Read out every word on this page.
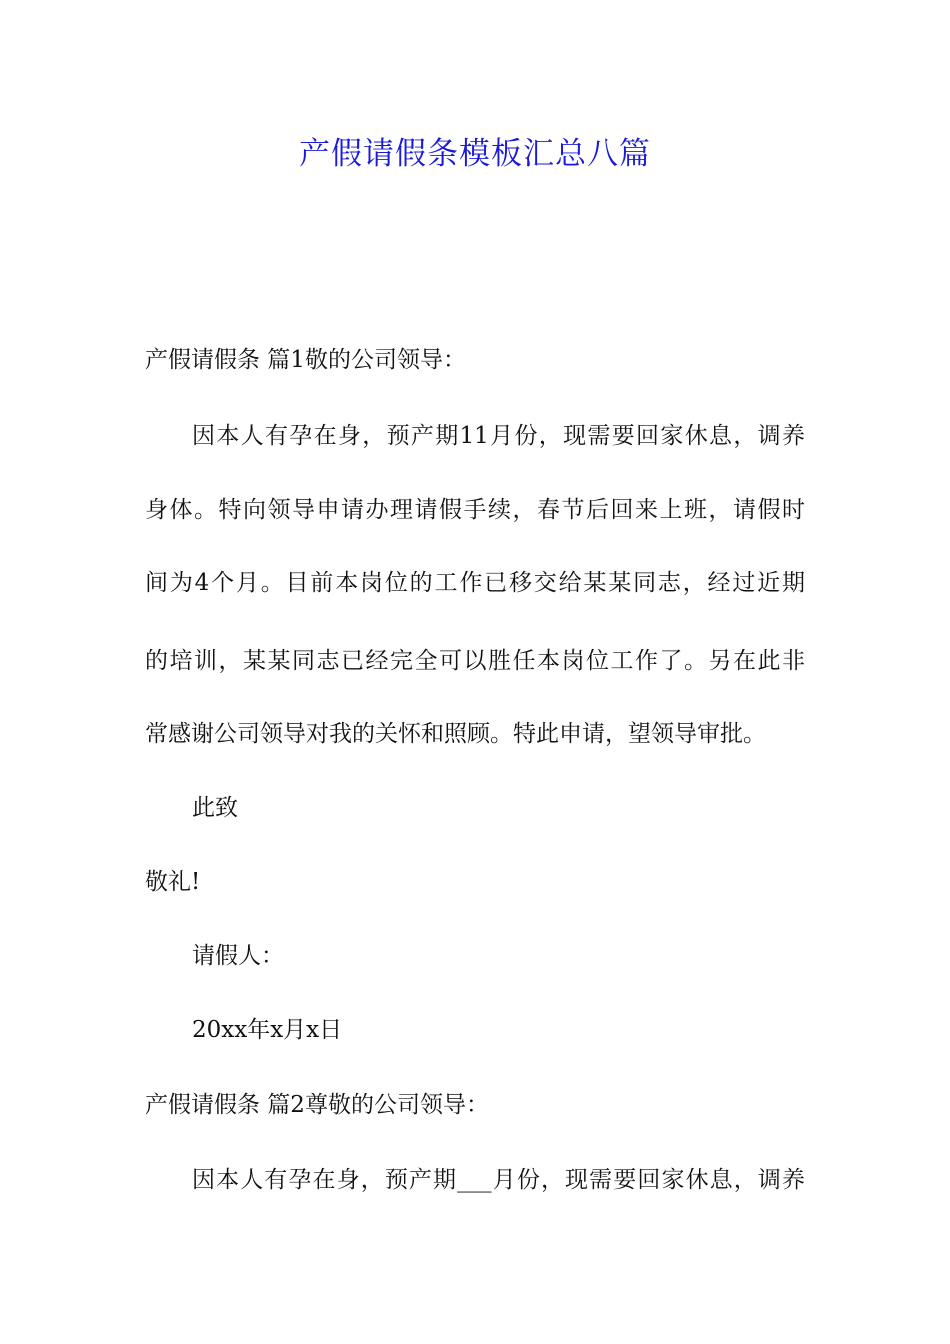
产假请假条模板汇总八篇
产假请假条 篇1敬的公司领导：
因本人有孕在身，预产期11月份，现需要回家休息，调养
身体。特向领导申请办理请假手续，春节后回来上班，请假时
间为4个月。目前本岗位的工作已移交给某某同志，经过近期
的培训，某某同志已经完全可以胜任本岗位工作了。另在此非
常感谢公司领导对我的关怀和照顾。特此申请，望领导审批。
此致
敬礼!
请假人：
20xx年x月x日
产假请假条 篇2尊敬的公司领导：
因本人有孕在身，预产期___月份，现需要回家休息，调养
